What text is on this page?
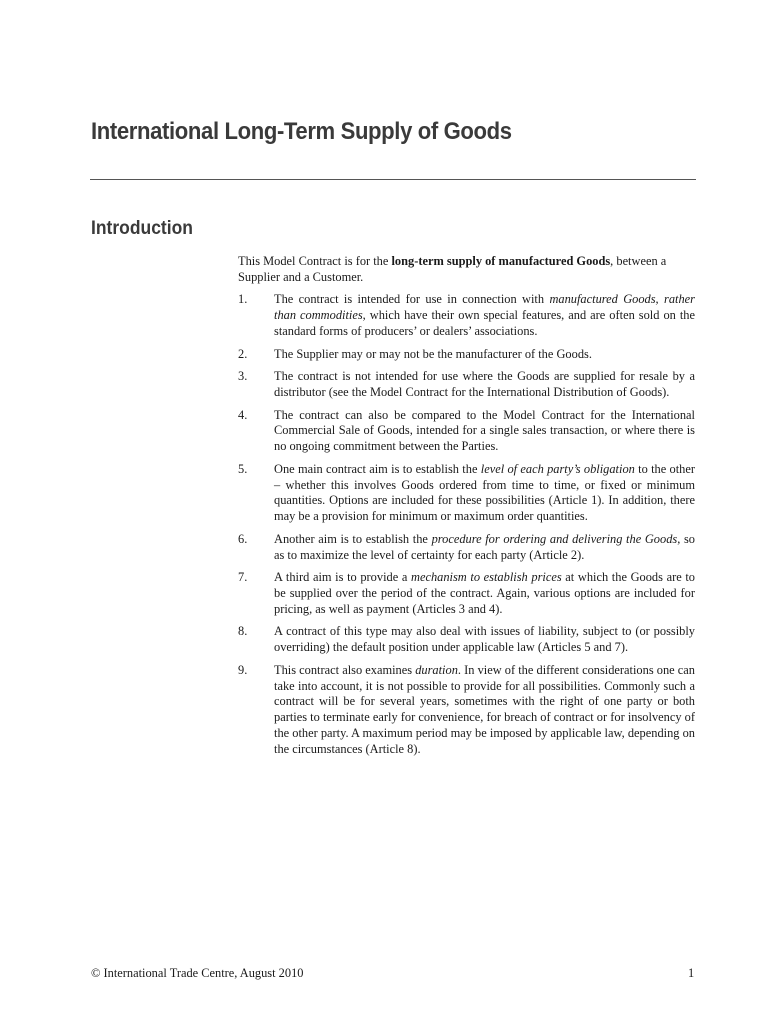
International Long-Term Supply of Goods
Introduction

This Model Contract is for the long-term supply of manufactured Goods, between a Supplier and a Customer.

1.	The contract is intended for use in connection with manufactured Goods, rather than commodities, which have their own special features, and are often sold on the standard forms of producers’ or dealers’ associations.
2.	The Supplier may or may not be the manufacturer of the Goods.
3.	The contract is not intended for use where the Goods are supplied for resale by a distributor (see the Model Contract for the International Distribution of Goods).
4.	The contract can also be compared to the Model Contract for the International Commercial Sale of Goods, intended for a single sales transaction, or where there is no ongoing commitment between the Parties.
5.	One main contract aim is to establish the level of each party’s obligation to the other – whether this involves Goods ordered from time to time, or fixed or minimum quantities. Options are included for these possibilities (Article 1). In addition, there may be a provision for minimum or maximum order quantities.
6.	Another aim is to establish the procedure for ordering and delivering the Goods, so as to maximize the level of certainty for each party (Article 2).
7.	A third aim is to provide a mechanism to establish prices at which the Goods are to be supplied over the period of the contract. Again, various options are included for pricing, as well as payment (Articles 3 and 4).
8.	A contract of this type may also deal with issues of liability, subject to (or possibly overriding) the default position under applicable law (Articles 5 and 7).
9.	This contract also examines duration. In view of the different considerations one can take into account, it is not possible to provide for all possibilities. Commonly such a contract will be for several years, sometimes with the right of one party or both parties to terminate early for convenience, for breach of contract or for insolvency of the other party. A maximum period may be imposed by applicable law, depending on the circumstances (Article 8).
© International Trade Centre, August 2010	1
